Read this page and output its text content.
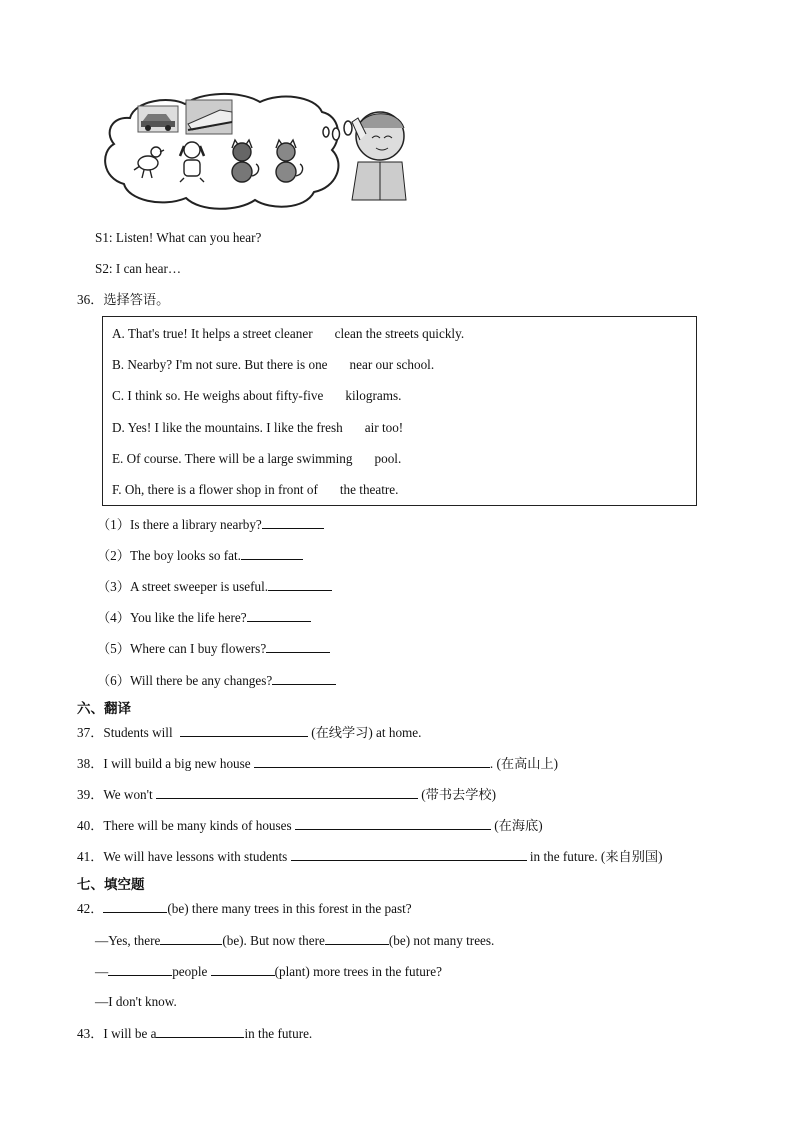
S1: Listen! What can you hear?
S2: I can hear…
36．选择答语。
A. That's true! It helps a street cleaner clean the streets quickly.
B. Nearby? I'm not sure. But there is one near our school.
C. I think so. He weighs about fifty-five kilograms.
D. Yes! I like the mountains. I like the fresh air too!
E. Of course. There will be a large swimming pool.
F. Oh, there is a flower shop in front of the theatre.
（1）Is there a library nearby?
（2）The boy looks so fat.
（3）A street sweeper is useful.
（4）You like the life here?
（5）Where can I buy flowers?
（6）Will there be any changes?
六、翻译
37．Students will	(在线学习) at home.
38．I will build a big new house	. (在高山上)
39．We won't	(带书去学校)
40．There will be many kinds of houses	(在海底)
41．We will have lessons with students	in the future. (来自别国)
七、填空题
42．	(be) there many trees in this forest in the past?
—Yes, there	(be). But now there	(be) not many trees.
—	people	(plant) more trees in the future?
—I don't know.
43．I will be a	in the future.
